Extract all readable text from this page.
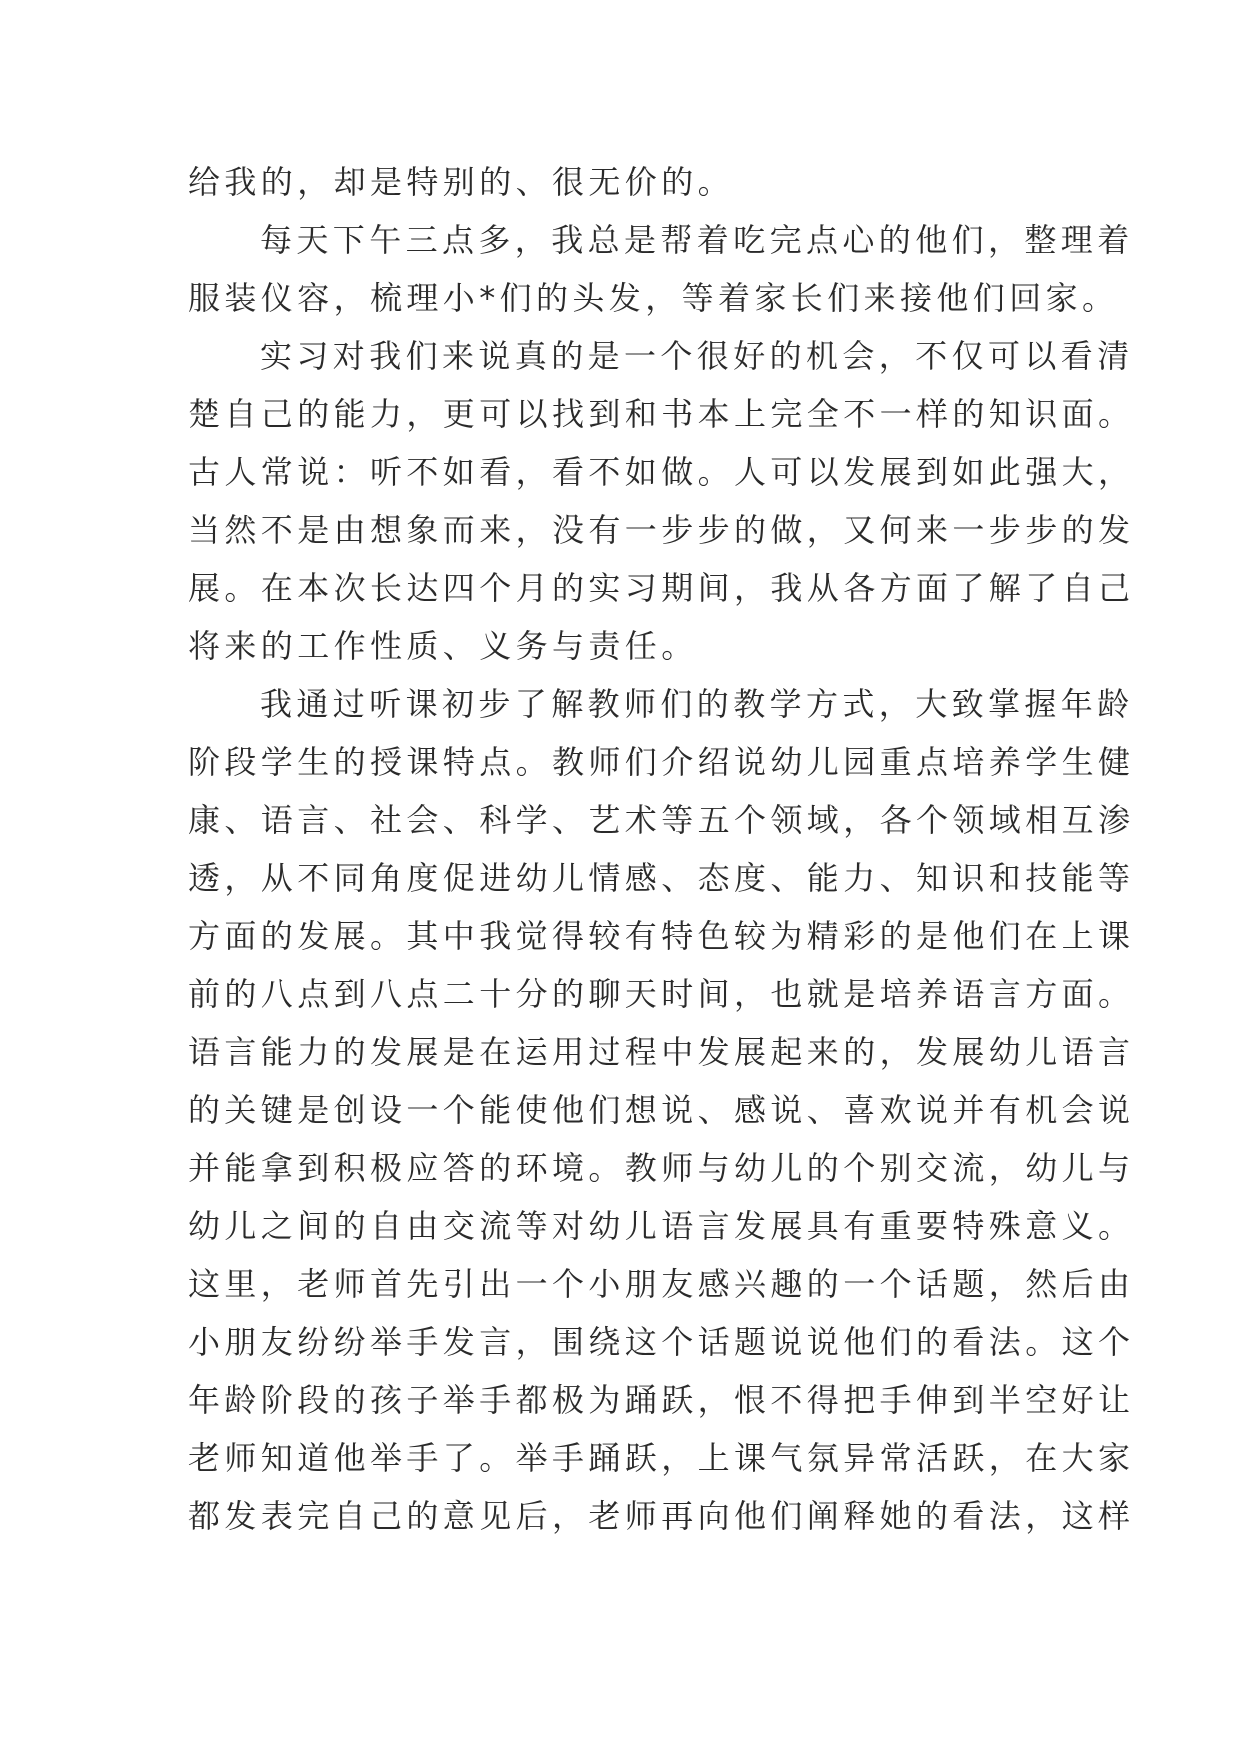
给我的，却是特别的、很无价的。
每天下午三点多，我总是帮着吃完点心的他们，整理着
服装仪容，梳理小*们的头发，等着家长们来接他们回家。
实习对我们来说真的是一个很好的机会，不仅可以看清
楚自己的能力，更可以找到和书本上完全不一样的知识面。
古人常说：听不如看，看不如做。人可以发展到如此强大，
当然不是由想象而来，没有一步步的做，又何来一步步的发
展。在本次长达四个月的实习期间，我从各方面了解了自己
将来的工作性质、义务与责任。
我通过听课初步了解教师们的教学方式，大致掌握年龄
阶段学生的授课特点。教师们介绍说幼儿园重点培养学生健
康、语言、社会、科学、艺术等五个领域，各个领域相互渗
透，从不同角度促进幼儿情感、态度、能力、知识和技能等
方面的发展。其中我觉得较有特色较为精彩的是他们在上课
前的八点到八点二十分的聊天时间，也就是培养语言方面。
语言能力的发展是在运用过程中发展起来的，发展幼儿语言
的关键是创设一个能使他们想说、感说、喜欢说并有机会说
并能拿到积极应答的环境。教师与幼儿的个别交流，幼儿与
幼儿之间的自由交流等对幼儿语言发展具有重要特殊意义。
这里，老师首先引出一个小朋友感兴趣的一个话题，然后由
小朋友纷纷举手发言，围绕这个话题说说他们的看法。这个
年龄阶段的孩子举手都极为踊跃，恨不得把手伸到半空好让
老师知道他举手了。举手踊跃，上课气氛异常活跃，在大家
都发表完自己的意见后，老师再向他们阐释她的看法，这样
